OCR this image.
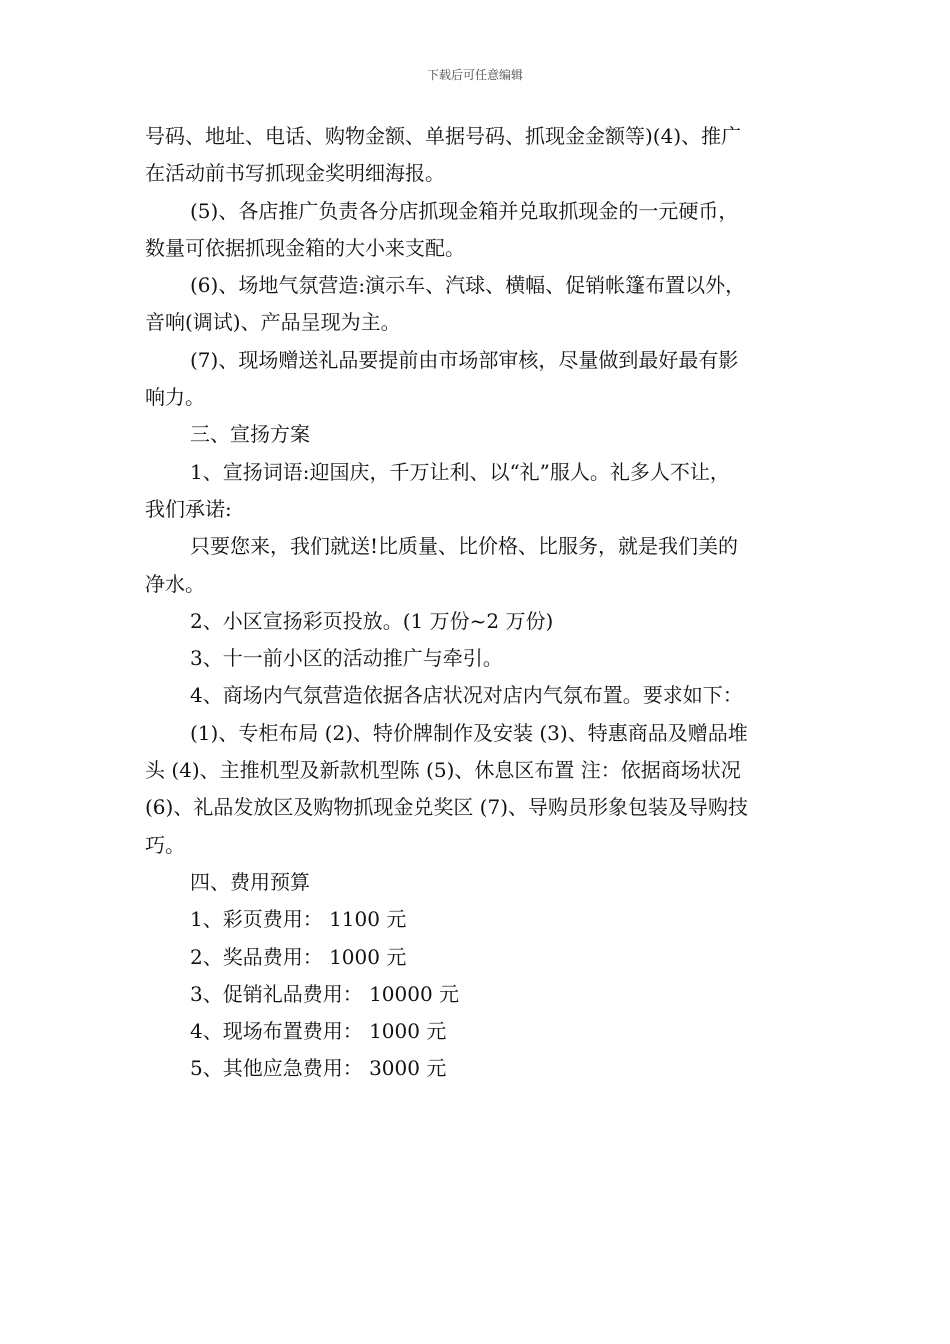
下载后可任意编辑
号码、地址、电话、购物金额、单据号码、抓现金金额等)(4)、推广
在活动前书写抓现金奖明细海报。
(5)、各店推广负责各分店抓现金箱并兑取抓现金的一元硬币，
数量可依据抓现金箱的大小来支配。
(6)、场地气氛营造:演示车、汽球、横幅、促销帐篷布置以外，
音响(调试)、产品呈现为主。
(7)、现场赠送礼品要提前由市场部审核，尽量做到最好最有影
响力。
三、宣扬方案
1、宣扬词语:迎国庆，千万让利、以“礼”服人。礼多人不让，
我们承诺:
只要您来，我们就送!比质量、比价格、比服务，就是我们美的
净水。
2、小区宣扬彩页投放。(1 万份~2 万份)
3、十一前小区的活动推广与牵引。
4、商场内气氛营造依据各店状况对店内气氛布置。要求如下：
(1)、专柜布局 (2)、特价牌制作及安装 (3)、特惠商品及赠品堆
头 (4)、主推机型及新款机型陈 (5)、休息区布置 注：依据商场状况
(6)、礼品发放区及购物抓现金兑奖区 (7)、导购员形象包装及导购技
巧。
四、费用预算
1、彩页费用： 1100 元
2、奖品费用： 1000 元
3、促销礼品费用： 10000 元
4、现场布置费用： 1000 元
5、其他应急费用： 3000 元
